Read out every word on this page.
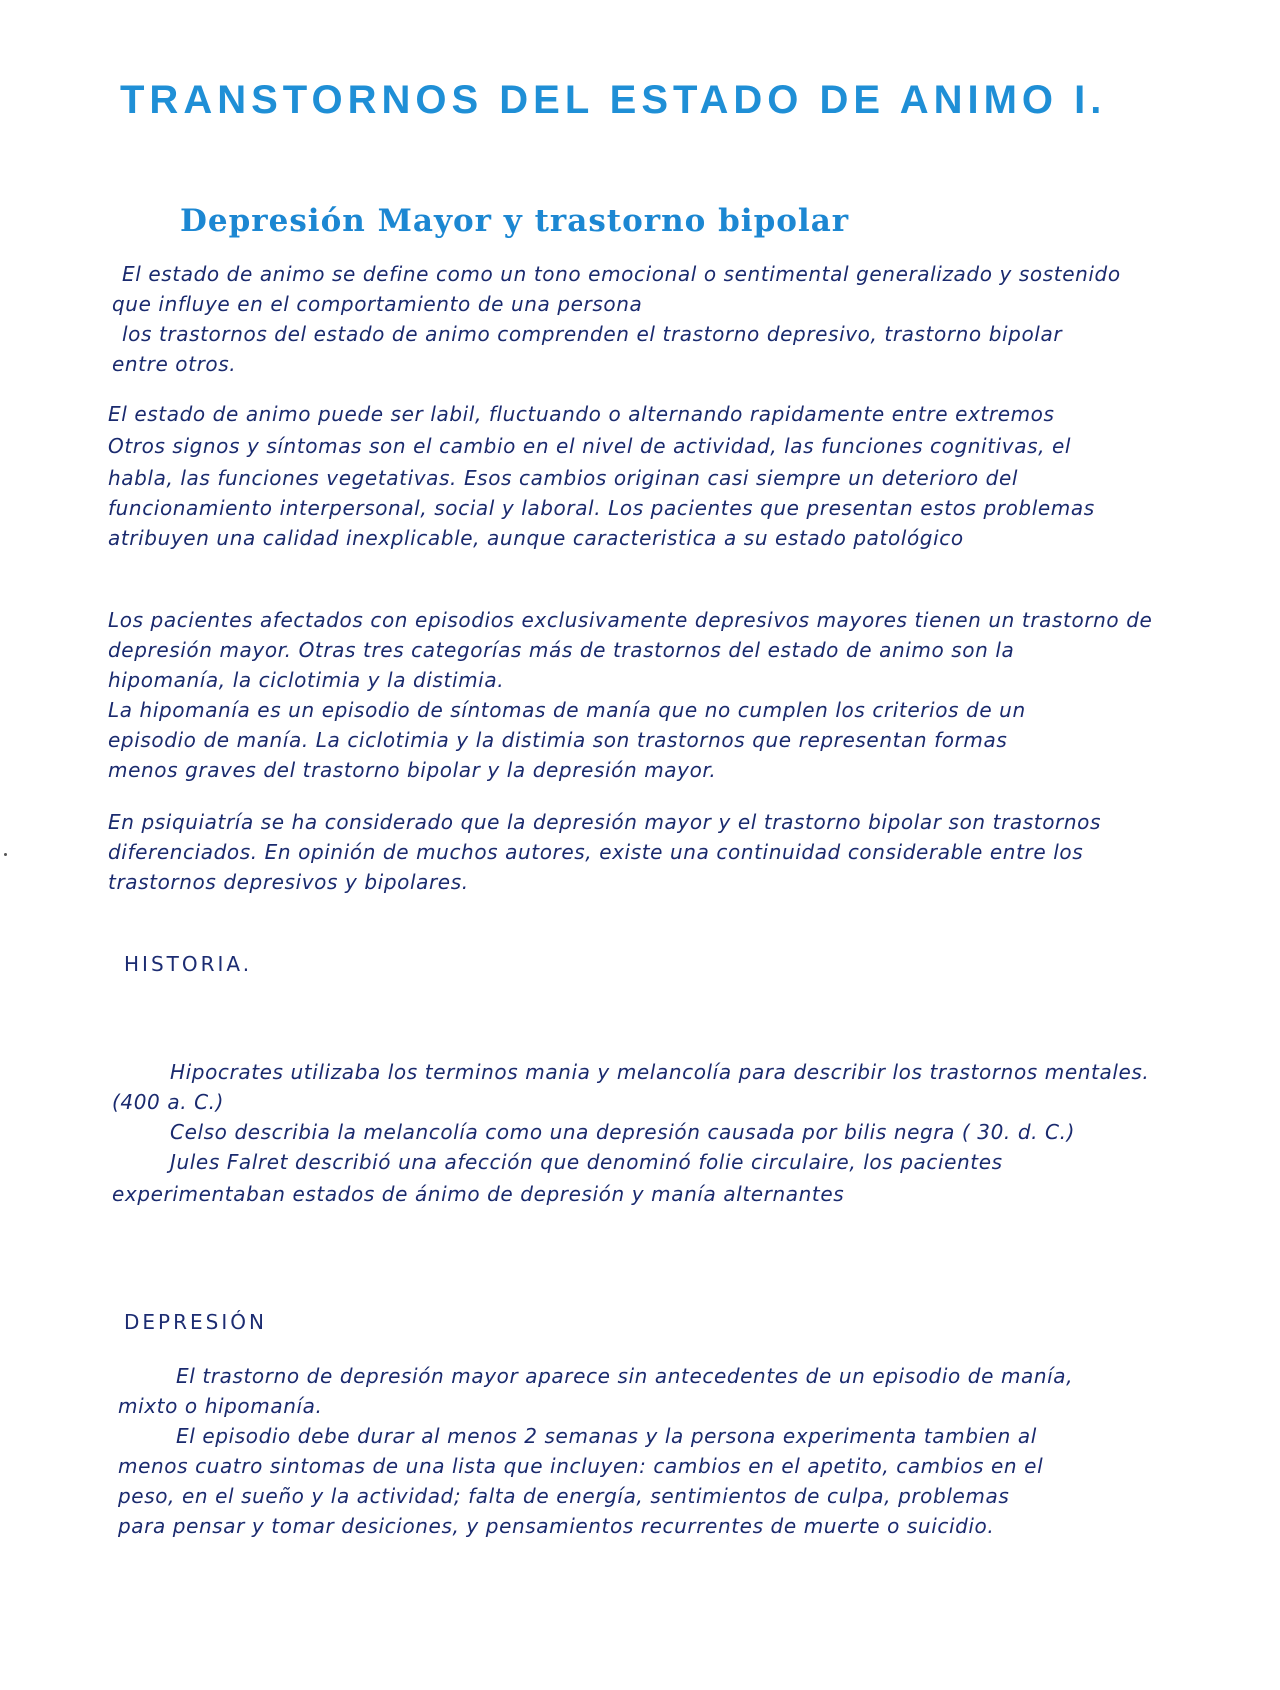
TRANSTORNOS DEL ESTADO DE ANIMO I.
Depresión Mayor y trastorno bipolar
El estado de animo se define como un tono emocional o sentimental generalizado y sostenido
que influye en el comportamiento de una persona
los trastornos del estado de animo comprenden el trastorno depresivo, trastorno bipolar
entre otros.
El estado de animo puede ser labil, fluctuando o alternando rapidamente entre extremos
Otros signos y síntomas son el cambio en el nivel de actividad, las funciones cognitivas, el
habla, las funciones vegetativas. Esos cambios originan casi siempre un deterioro del
funcionamiento interpersonal, social y laboral. Los pacientes que presentan estos problemas
atribuyen una calidad inexplicable, aunque caracteristica a su estado patológico
Los pacientes afectados con episodios exclusivamente depresivos mayores tienen un trastorno de
depresión mayor. Otras tres categorías más de trastornos del estado de animo son la
hipomanía, la ciclotimia y la distimia.
La hipomanía es un episodio de síntomas de manía que no cumplen los criterios de un
episodio de manía. La ciclotimia y la distimia son trastornos que representan formas
menos graves del trastorno bipolar y la depresión mayor.
En psiquiatría se ha considerado que la depresión mayor y el trastorno bipolar son trastornos
diferenciados. En opinión de muchos autores, existe una continuidad considerable entre los
trastornos depresivos y bipolares.
HISTORIA.
Hipocrates utilizaba los terminos mania y melancolía para describir los trastornos mentales.
(400 a. C.)
Celso describia la melancolía como una depresión causada por bilis negra ( 30. d. C.)
Jules Falret describió una afección que denominó folie circulaire, los pacientes
experimentaban estados de ánimo de depresión y manía alternantes
DEPRESIÓN
El trastorno de depresión mayor aparece sin antecedentes de un episodio de manía,
mixto o hipomanía.
El episodio debe durar al menos 2 semanas y la persona experimenta tambien al
menos cuatro sintomas de una lista que incluyen: cambios en el apetito, cambios en el
peso, en el sueño y la actividad; falta de energía, sentimientos de culpa, problemas
para pensar y tomar desiciones, y pensamientos recurrentes de muerte o suicidio.
